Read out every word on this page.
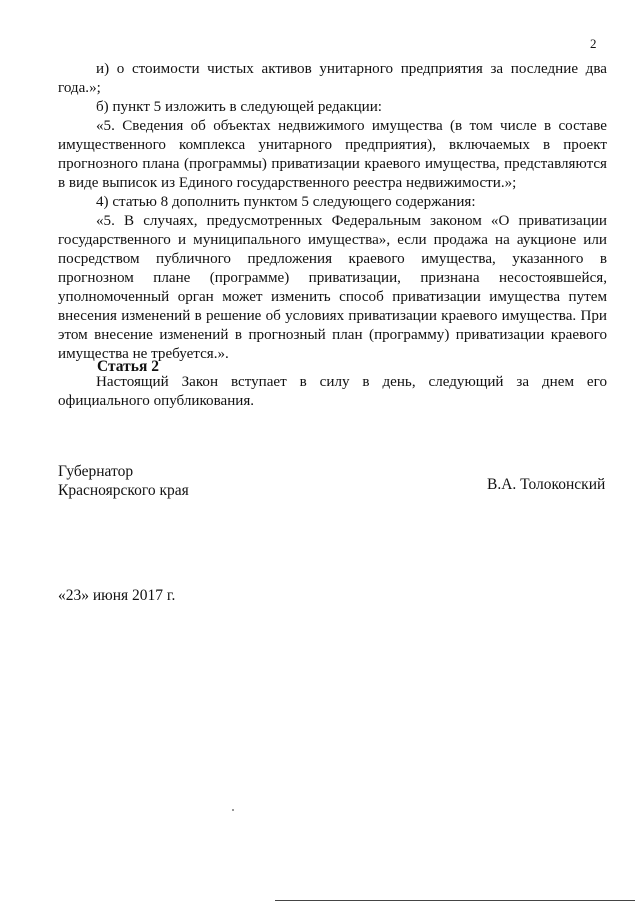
2

и) о стоимости чистых активов унитарного предприятия за последние два года.»;

б) пункт 5 изложить в следующей редакции:

«5. Сведения об объектах недвижимого имущества (в том числе в составе имущественного комплекса унитарного предприятия), включаемых в проект прогнозного плана (программы) приватизации краевого имущества, представляются в виде выписок из Единого государственного реестра недвижимости.»;

4) статью 8 дополнить пунктом 5 следующего содержания:

«5. В случаях, предусмотренных Федеральным законом «О приватизации государственного и муниципального имущества», если продажа на аукционе или посредством публичного предложения краевого имущества, указанного в прогнозном плане (программе) приватизации, признана несостоявшейся, уполномоченный орган может изменить способ приватизации имущества путем внесения изменений в решение об условиях приватизации краевого имущества. При этом внесение изменений в прогнозный план (программу) приватизации краевого имущества не требуется.».

Статья 2

Настоящий Закон вступает в силу в день, следующий за днем его официального опубликования.

Губернатор
Красноярского края	В.А. Толоконский
«23» июня 2017 г.
